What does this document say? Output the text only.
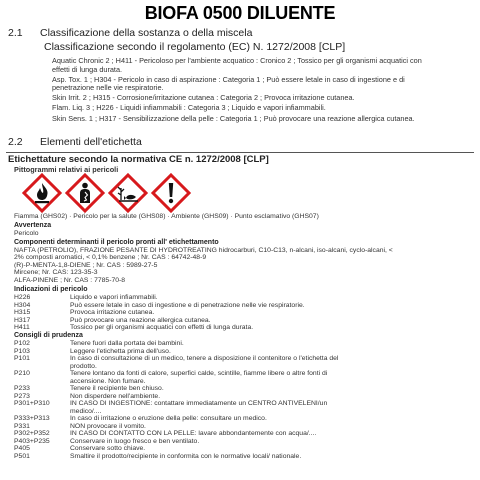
BIOFA 0500 DILUENTE
2.1 Classificazione della sostanza o della miscela
Classificazione secondo il regolamento (EC) N. 1272/2008 [CLP]
Aquatic Chronic 2 ; H411 - Pericoloso per l'ambiente acquatico : Cronico 2 ; Tossico per gli organismi acquatici con
effetti di lunga durata.
Asp. Tox. 1 ; H304 - Pericolo in caso di aspirazione : Categoria 1 ; Può essere letale in caso di ingestione e di
penetrazione nelle vie respiratorie.
Skin Irrit. 2 ; H315 - Corrosione/irritazione cutanea : Categoria 2 ; Provoca irritazione cutanea.
Flam. Liq. 3 ; H226 - Liquidi infiammabili : Categoria 3 ; Liquido e vapori infiammabili.
Skin Sens. 1 ; H317 - Sensibilizzazione della pelle : Categoria 1 ; Può provocare una reazione allergica cutanea.
2.2 Elementi dell'etichetta
Etichettature secondo la normativa CE n. 1272/2008 [CLP]
Pittogrammi relativi ai pericoli
Fiamma (GHS02) · Pericolo per la salute (GHS08) · Ambiente (GHS09) · Punto esclamativo (GHS07)
Avvertenza
Pericolo
Componenti determinanti il pericolo pronti all' etichettamento
NAFTA (PETROLIO), FRAZIONE PESANTE DI HYDROTREATING hidrocarburi, C10-C13, n-alcani, iso-alcani, cyclo-alcani, <
2% composti aromatici, < 0,1% benzene ; Nr. CAS : 64742-48-9
(R)-P-MENTA-1,8-DIENE ; Nr. CAS : 5989-27-5
Mircene; Nr. CAS: 123-35-3
ALFA-PINENE ; Nr. CAS : 7785-70-8
Indicazioni di pericolo
H226	Liquido e vapori infiammabili.
H304	Può essere letale in caso di ingestione e di penetrazione nelle vie respiratorie.
H315	Provoca irritazione cutanea.
H317	Può provocare una reazione allergica cutanea.
H411	Tossico per gli organismi acquatici con effetti di lunga durata.
Consigli di prudenza
P102	Tenere fuori dalla portata dei bambini.
P103	Leggere l'etichetta prima dell'uso.
P101	In caso di consultazione di un medico, tenere a disposizione il contenitore o l'etichetta del
prodotto.
P210	Tenere lontano da fonti di calore, superfici calde, scintille, fiamme libere o altre fonti di
accensione. Non fumare.
P233	Tenere il recipiente ben chiuso.
P273	Non disperdere nell'ambiente.
P301+P310	IN CASO DI INGESTIONE: contattare immediatamente un CENTRO ANTIVELENI/un
medico/....
P333+P313	In caso di irritazione o eruzione della pelle: consultare un medico.
P331	NON provocare il vomito.
P302+P352	IN CASO DI CONTATTO CON LA PELLE: lavare abbondantemente con acqua/....
P403+P235	Conservare in luogo fresco e ben ventilato.
P405	Conservare sotto chiave.
P501	Smaltire il prodotto/recipiente in conformita con le normative locali/ nationale.
